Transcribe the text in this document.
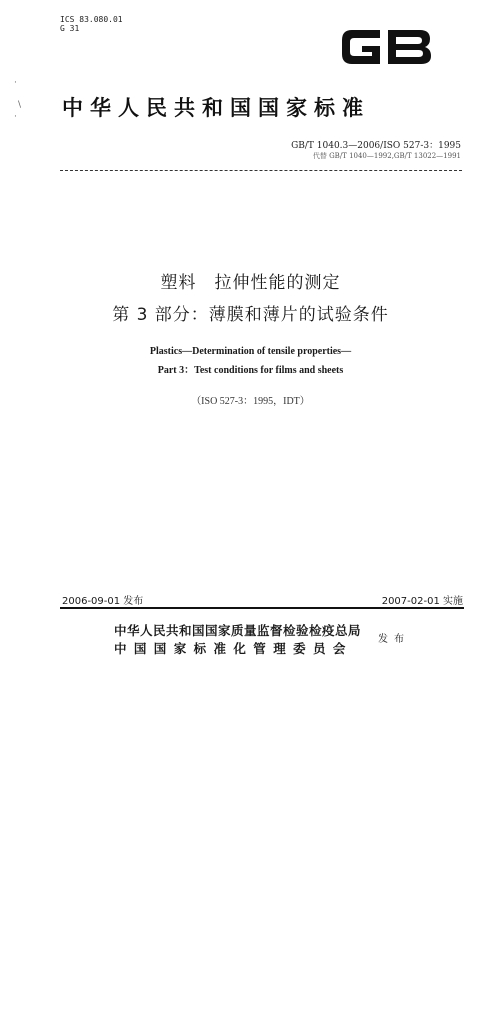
ICS 83.080.01
G 31
GB
·
\
· 中华人民共和国国家标准
GB/T 1040.3—2006/ISO 527-3：1995
代替 GB/T 1040—1992,GB/T 13022—1991
塑料　拉伸性能的测定
第 3 部分：薄膜和薄片的试验条件
Plastics—Determination of tensile properties—
Part 3：Test conditions for films and sheets
（ISO 527-3：1995，IDT）
2006-09-01 发布	2007-02-01 实施
中华人民共和国国家质量监督检验检疫总局
中国国家标准化管理委员会
发布
